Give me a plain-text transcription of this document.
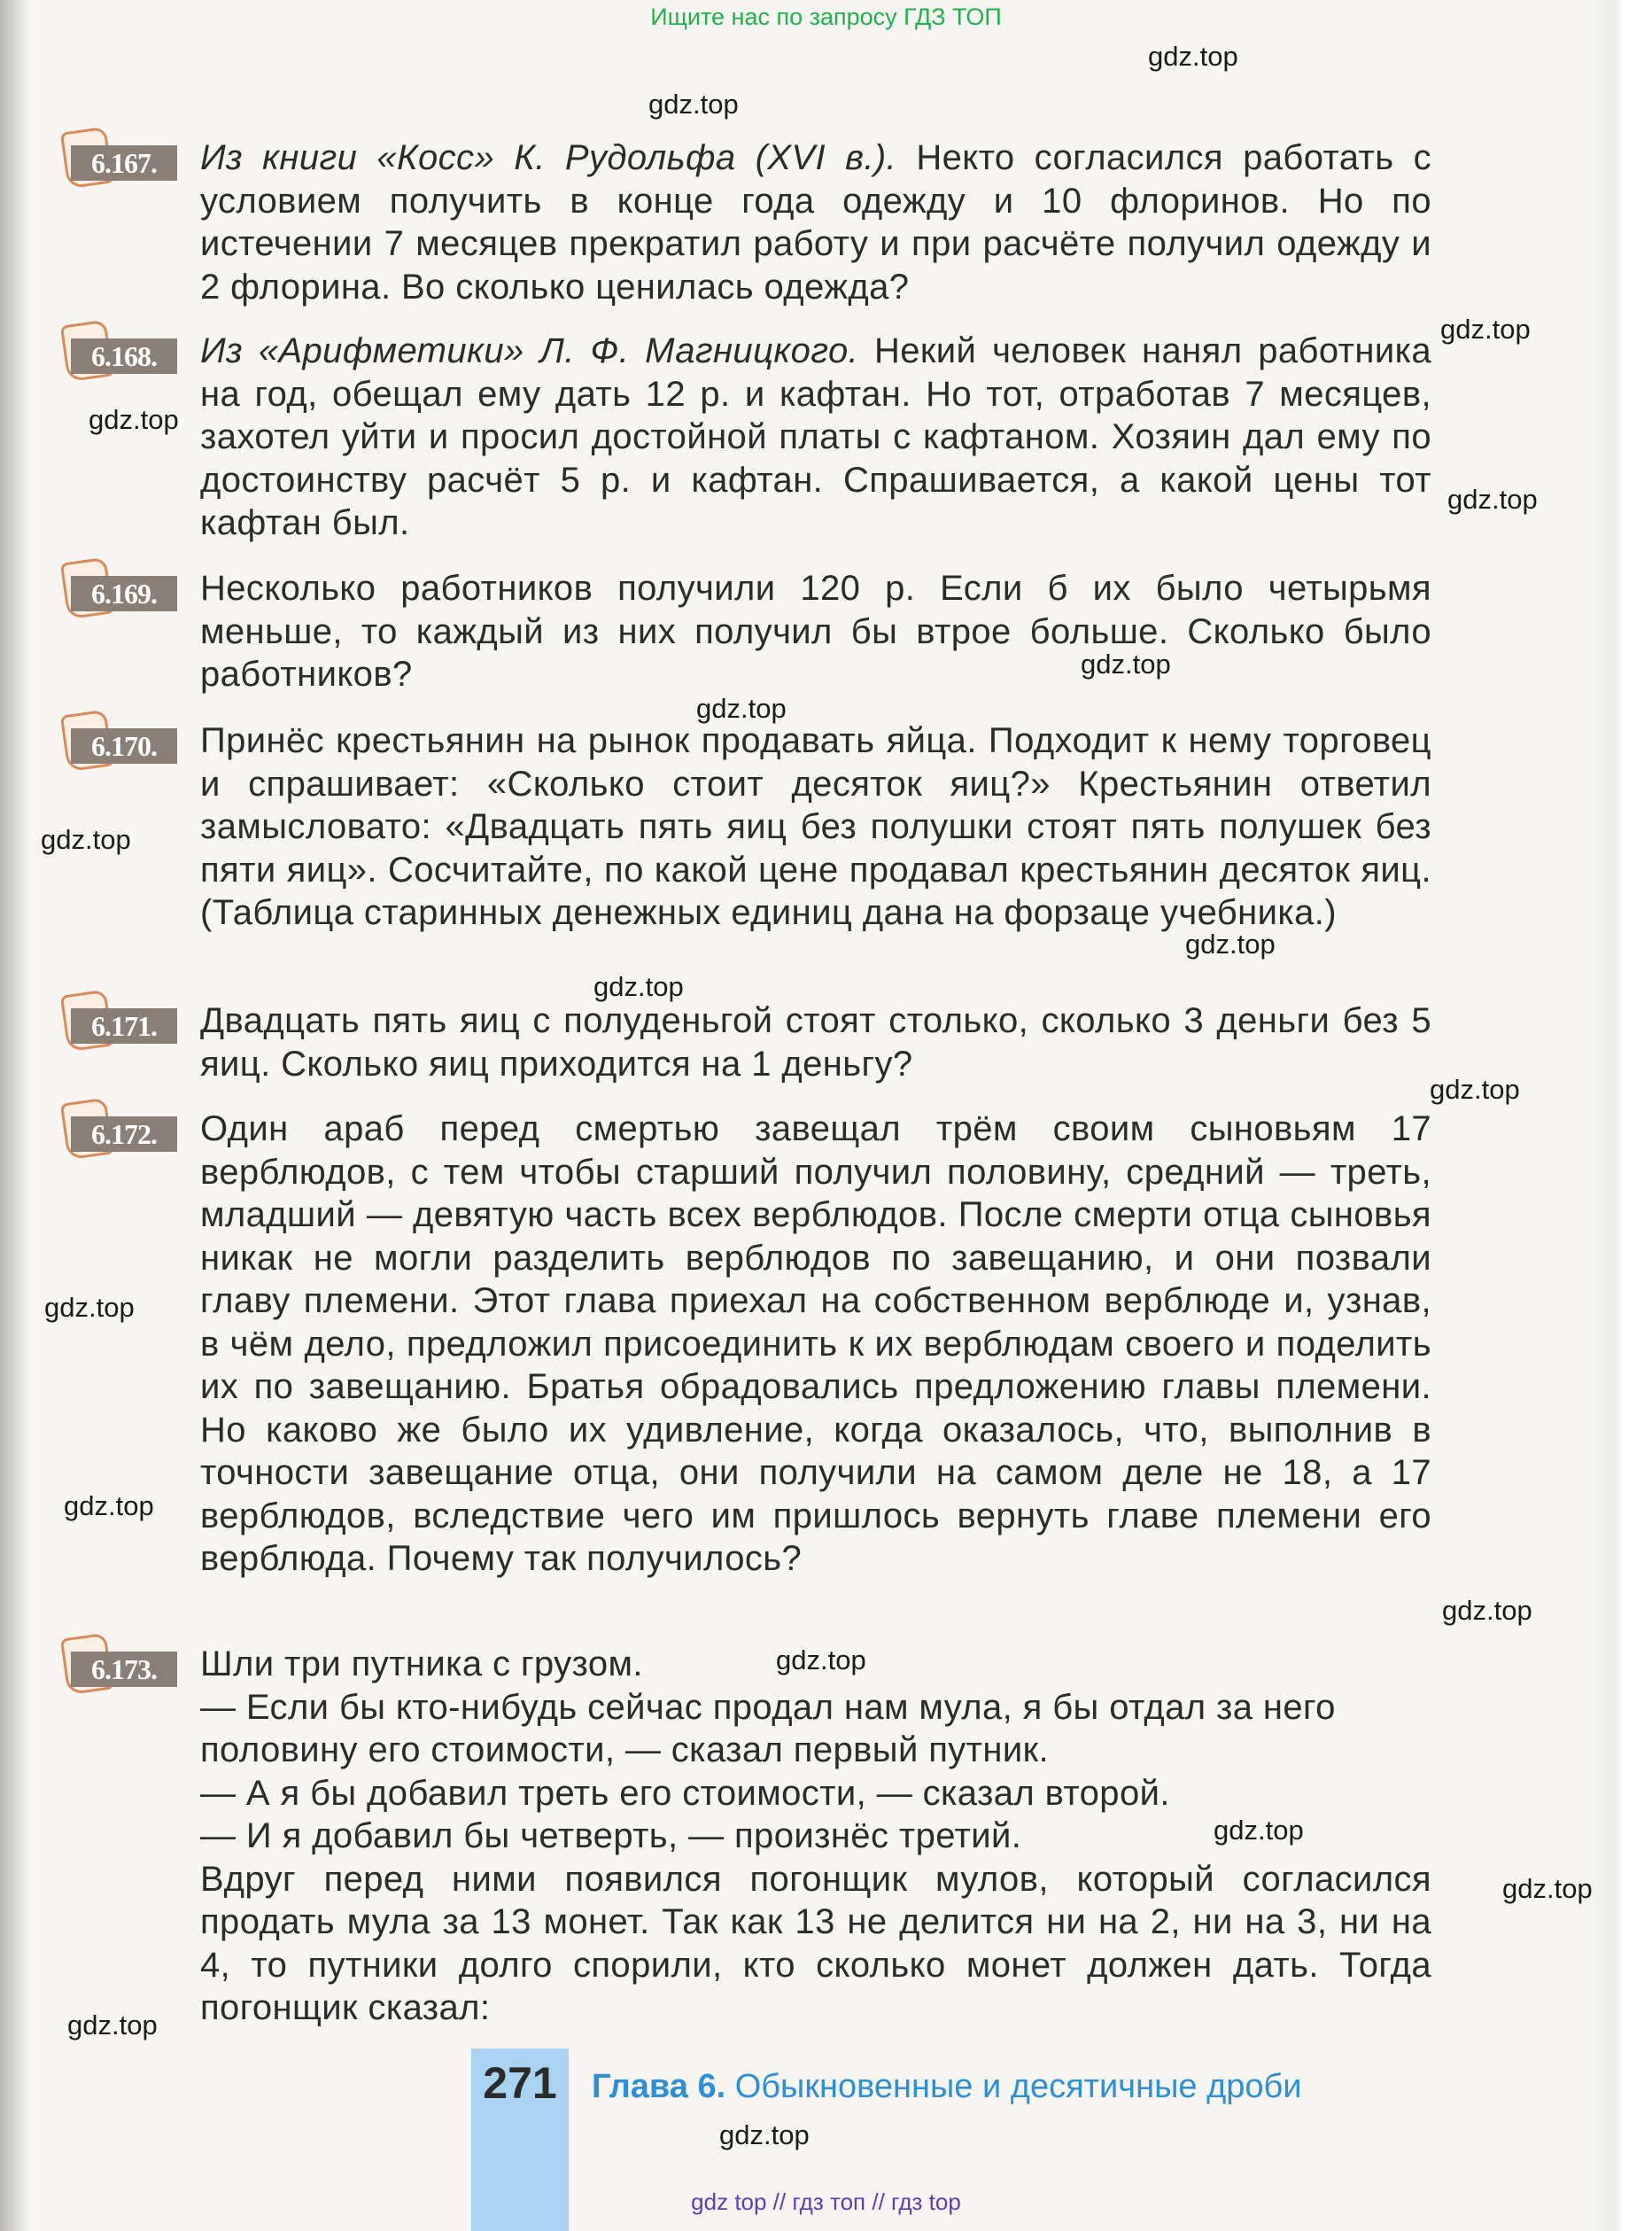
Ищите нас по запросу ГДЗ ТОП
6.167.	Из книги «Косс» К. Рудольфа (XVI в.). Некто согласился работать с условием получить в конце года одежду и 10 флоринов. Но по истечении 7 месяцев прекратил работу и при расчёте получил одежду и 2 флорина. Во сколько ценилась одежда?

6.168.	Из «Арифметики» Л. Ф. Магницкого. Некий человек нанял работника на год, обещал ему дать 12 р. и кафтан. Но тот, отработав 7 месяцев, захотел уйти и просил достойной платы с кафтаном. Хозяин дал ему по достоинству расчёт 5 р. и кафтан. Спрашивается, а какой цены тот кафтан был.

6.169.	Несколько работников получили 120 р. Если б их было четырьмя меньше, то каждый из них получил бы втрое больше. Сколько было работников?

6.170.	Принёс крестьянин на рынок продавать яйца. Подходит к нему торговец и спрашивает: «Сколько стоит десяток яиц?» Крестьянин ответил замысловато: «Двадцать пять яиц без полушки стоят пять полушек без пяти яиц». Сосчитайте, по какой цене продавал крестьянин десяток яиц. (Таблица старинных денежных единиц дана на форзаце учебника.)

6.171.	Двадцать пять яиц с полуденьгой стоят столько, сколько 3 деньги без 5 яиц. Сколько яиц приходится на 1 деньгу?

6.172.	Один араб перед смертью завещал трём своим сыновьям 17 верблюдов, с тем чтобы старший получил половину, средний — треть, младший — девятую часть всех верблюдов. После смерти отца сыновья никак не могли разделить верблюдов по завещанию, и они позвали главу племени. Этот глава приехал на собственном верблюде и, узнав, в чём дело, предложил присоединить к их верблюдам своего и поделить их по завещанию. Братья обрадовались предложению главы племени. Но каково же было их удивление, когда оказалось, что, выполнив в точности завещание отца, они получили на самом деле не 18, а 17 верблюдов, вследствие чего им пришлось вернуть главе племени его верблюда. Почему так получилось?

6.173.	Шли три путника с грузом.

— Если бы кто-нибудь сейчас продал нам мула, я бы отдал за него половину его стоимости, — сказал первый путник.

— А я бы добавил треть его стоимости, — сказал второй.

— И я добавил бы четверть, — произнёс третий.

Вдруг перед ними появился погонщик мулов, который согласился продать мула за 13 монет. Так как 13 не делится ни на 2, ни на 3, ни на 4, то путники долго спорили, кто сколько монет должен дать. Тогда погонщик сказал:

gdz.top
gdz.top
gdz.top
gdz.top
gdz.top
gdz.top
gdz.top
gdz.top
gdz.top
gdz.top
gdz.top
gdz.top
gdz.top
gdz.top
gdz.top
gdz.top
gdz.top
gdz.top
gdz.top
271	Глава 6. Обыкновенные и десятичные дроби
gdz top // гдз топ // гдз top
